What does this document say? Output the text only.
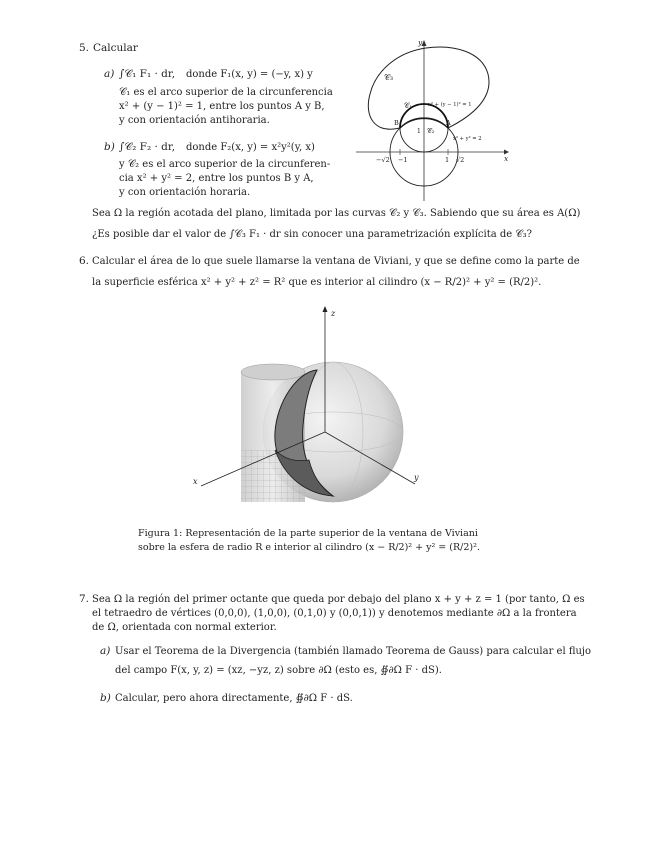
5. Calcular
a) ∫𝒞₁ F₁ · dr, donde F₁(x, y) = (−y, x) y
𝒞₁ es el arco superior de la circunferencia
x² + (y − 1)² = 1, entre los puntos A y B,
y con orientación antihoraria.
b) ∫𝒞₂ F₂ · dr, donde F₂(x, y) = x²y²(y, x)
y 𝒞₂ es el arco superior de la circunferen-
cia x² + y² = 2, entre los puntos B y A,
y con orientación horaria.
y
x
𝒞₃
𝒞₁
𝒞₂
x² + (y − 1)² = 1
x² + y² = 2
A
B
1
−√2 −1	1 √2
Sea Ω la región acotada del plano, limitada por las curvas 𝒞₂ y 𝒞₃. Sabiendo que su área es A(Ω)
¿Es posible dar el valor de ∫𝒞₃ F₁ · dr sin conocer una parametrización explícita de 𝒞₃?
6. Calcular el área de lo que suele llamarse la ventana de Viviani, y que se define como la parte de
la superficie esférica x² + y² + z² = R² que es interior al cilindro (x − R/2)² + y² = (R/2)².
z
x	y
Figura 1: Representación de la parte superior de la ventana de Viviani
sobre la esfera de radio R e interior al cilindro (x − R/2)² + y² = (R/2)².
7. Sea Ω la región del primer octante que queda por debajo del plano x + y + z = 1 (por tanto, Ω es
el tetraedro de vértices (0,0,0), (1,0,0), (0,1,0) y (0,0,1)) y denotemos mediante ∂Ω a la frontera
de Ω, orientada con normal exterior.
a) Usar el Teorema de la Divergencia (también llamado Teorema de Gauss) para calcular el flujo
del campo F(x, y, z) = (xz, −yz, z) sobre ∂Ω (esto es, ∯∂Ω F · dS).
b) Calcular, pero ahora directamente, ∯∂Ω F · dS.
